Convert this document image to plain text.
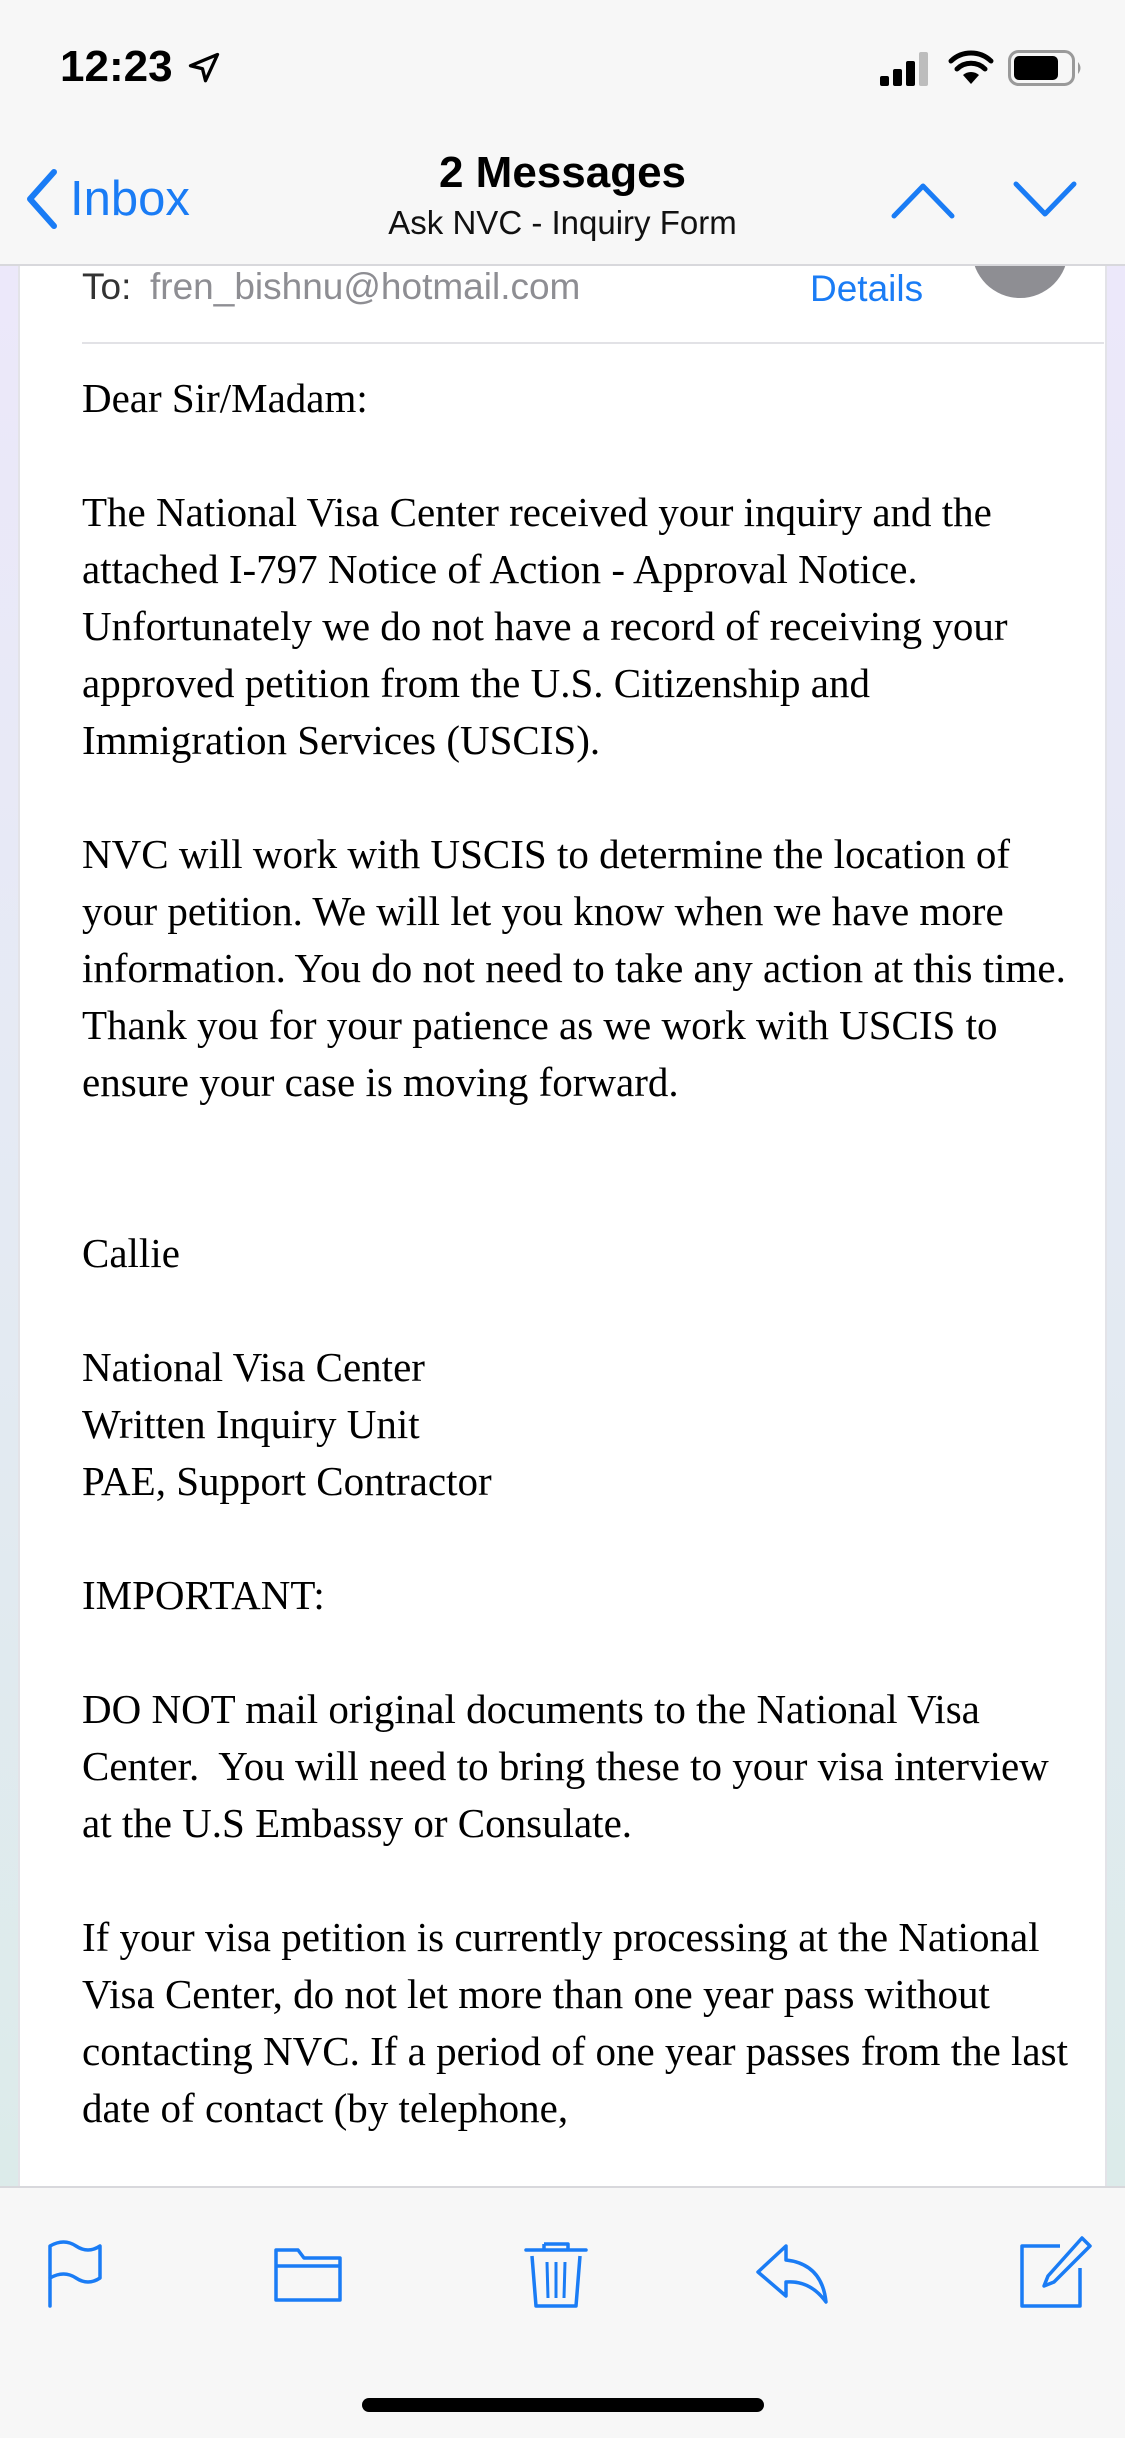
To: fren_bishnu@hotmail.com	Details

Dear Sir/Madam:

The National Visa Center received your inquiry and the attached I-797 Notice of Action - Approval Notice. Unfortunately we do not have a record of receiving your approved petition from the U.S. Citizenship and Immigration Services (USCIS).

NVC will work with USCIS to determine the location of your petition. We will let you know when we have more information. You do not need to take any action at this time. Thank you for your patience as we work with USCIS to ensure your case is moving forward.

Callie

National Visa Center

Written Inquiry Unit

PAE, Support Contractor

IMPORTANT:

DO NOT mail original documents to the National Visa Center.  You will need to bring these to your visa interview at the U.S Embassy or Consulate.

If your visa petition is currently processing at the National Visa Center, do not let more than one year pass without contacting NVC. If a period of one year passes from the last date of contact (by telephone,

12:23
Inbox	2 Messages
Ask NVC - Inquiry Form
